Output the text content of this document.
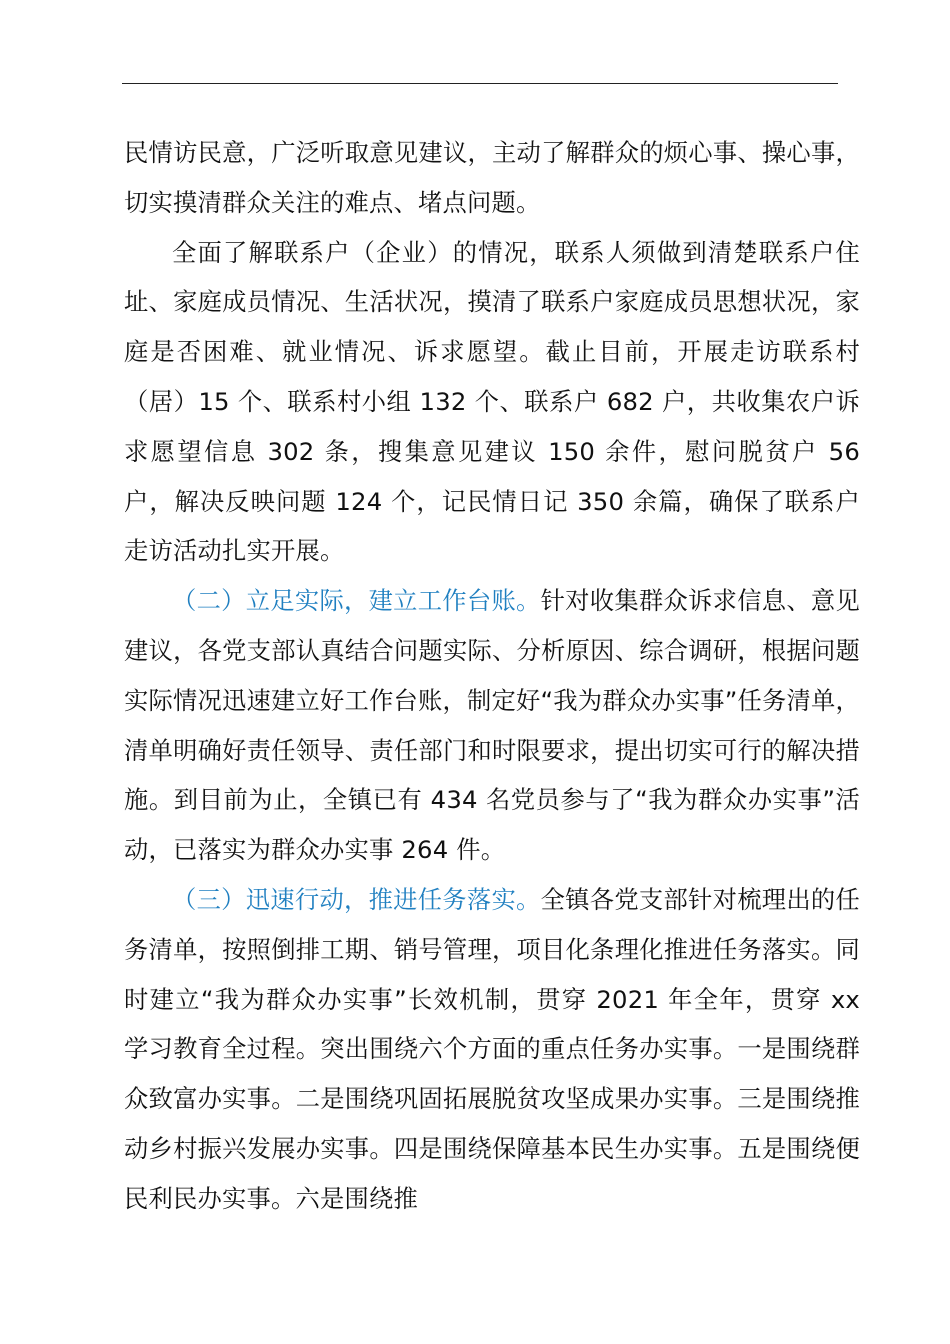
民情访民意，广泛听取意见建议，主动了解群众的烦心事、操心事，切实摸清群众关注的难点、堵点问题。

全面了解联系户（企业）的情况，联系人须做到清楚联系户住址、家庭成员情况、生活状况，摸清了联系户家庭成员思想状况，家庭是否困难、就业情况、诉求愿望。截止目前，开展走访联系村（居）15 个、联系村小组 132 个、联系户 682 户，共收集农户诉求愿望信息 302 条，搜集意见建议 150 余件，慰问脱贫户 56 户，解决反映问题 124 个，记民情日记 350 余篇，确保了联系户走访活动扎实开展。

（二）立足实际，建立工作台账。针对收集群众诉求信息、意见建议，各党支部认真结合问题实际、分析原因、综合调研，根据问题实际情况迅速建立好工作台账，制定好“我为群众办实事”任务清单，清单明确好责任领导、责任部门和时限要求，提出切实可行的解决措施。到目前为止，全镇已有 434 名党员参与了“我为群众办实事”活动，已落实为群众办实事 264 件。

（三）迅速行动，推进任务落实。全镇各党支部针对梳理出的任务清单，按照倒排工期、销号管理，项目化条理化推进任务落实。同时建立“我为群众办实事”长效机制，贯穿 2021 年全年，贯穿 xx 学习教育全过程。突出围绕六个方面的重点任务办实事。一是围绕群众致富办实事。二是围绕巩固拓展脱贫攻坚成果办实事。三是围绕推动乡村振兴发展办实事。四是围绕保障基本民生办实事。五是围绕便民利民办实事。六是围绕推
